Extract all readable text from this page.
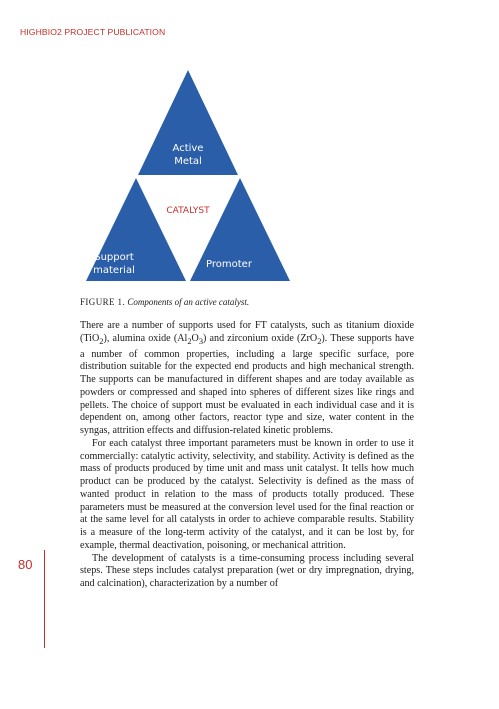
HIGHBIO2 PROJECT PUBLICATION
Active
Metal
CATALYST
Support
material
Promoter
FIGURE 1. Components of an active catalyst.

There are a number of supports used for FT catalysts, such as titanium dioxide (TiO$_2$), alumina oxide $(Al_2O_3)$ and zirconium oxide (ZrO$_2$). These supports have a number of common properties, including a large specific surface, pore distribution suitable for the expected end products and high mechanical strength. The supports can be manufactured in different shapes and are today available as powders or compressed and shaped into spheres of different sizes like rings and pellets. The choice of support must be evaluated in each individual case and it is dependent on, among other factors, reactor type and size, water content in the syngas, attrition effects and diffusion-related kinetic problems.

For each catalyst three important parameters must be known in order to use it commercially: catalytic activity, selectivity, and stability. Activity is defined as the mass of products produced by time unit and mass unit catalyst. It tells how much product can be produced by the catalyst. Selectivity is defined as the mass of wanted product in relation to the mass of products totally produced. These parameters must be measured at the conversion level used for the final reaction or at the same level for all catalysts in order to achieve comparable results. Stability is a measure of the long-term activity of the catalyst, and it can be lost by, for example, thermal deactivation, poisoning, or mechanical attrition.

The development of catalysts is a time-consuming process including several steps. These steps includes catalyst preparation (wet or dry impregnation, drying, and calcination), characterization by a number of

80
